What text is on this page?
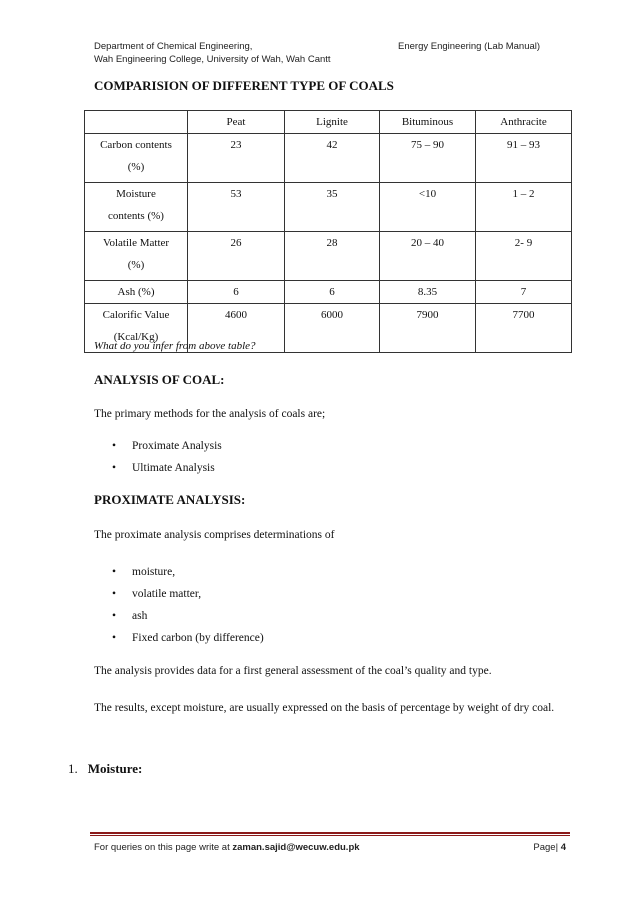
Department of Chemical Engineering,
Wah Engineering College, University of Wah, Wah Cantt
Energy Engineering (Lab Manual)
COMPARISION OF DIFFERENT TYPE OF COALS
	Peat	Lignite	Bituminous	Anthracite

Carbon contents
(%)	23	42	75 – 90	91 – 93

Moisture
contents (%)	53	35	<10	1 – 2

Volatile Matter
(%)	26	28	20 – 40	2- 9
Ash (%)	6	6	8.35	7

Calorific Value
(Kcal/Kg)	4600	6000	7900	7700
What do you infer from above table?
ANALYSIS OF COAL:
The primary methods for the analysis of coals are;
• Proximate Analysis
• Ultimate Analysis
PROXIMATE ANALYSIS:
The proximate analysis comprises determinations of
• moisture,
• volatile matter,
• ash
• Fixed carbon (by difference)
The analysis provides data for a first general assessment of the coal’s quality and type.
The results, except moisture, are usually expressed on the basis of percentage by weight of dry coal.
1. Moisture:
For queries on this page write at zaman.sajid@wecuw.edu.pk	Page| 4
